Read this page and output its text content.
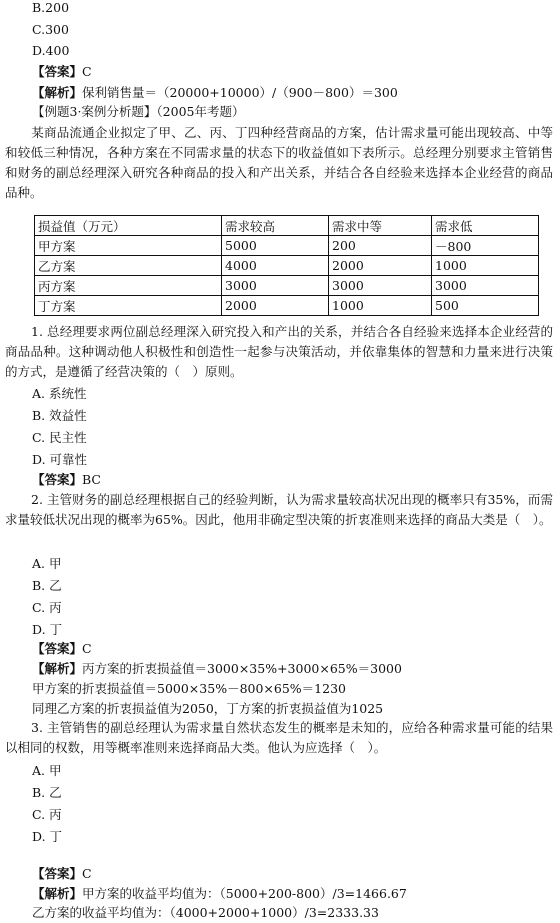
B.200
C.300
D.400
【答案】C
【解析】保利销售量＝（20000+10000）/（900－800）＝300
【例题3·案例分析题】（2005年考题）
某商品流通企业拟定了甲、乙、丙、丁四种经营商品的方案，估计需求量可能出现较高、中等和较低三种情况，各种方案在不同需求量的状态下的收益值如下表所示。总经理分别要求主管销售和财务的副总经理深入研究各种商品的投入和产出关系，并结合各自经验来选择本企业经营的商品品种。
损益值（万元）	需求较高	需求中等	需求低
甲方案	5000	200	－800
乙方案	4000	2000	1000
丙方案	3000	3000	3000
丁方案	2000	1000	500
1. 总经理要求两位副总经理深入研究投入和产出的关系，并结合各自经验来选择本企业经营的商品品种。这种调动他人积极性和创造性一起参与决策活动，并依靠集体的智慧和力量来进行决策的方式，是遵循了经营决策的（　）原则。
A. 系统性
B. 效益性
C. 民主性
D. 可靠性
【答案】BC
2. 主管财务的副总经理根据自己的经验判断，认为需求量较高状况出现的概率只有35%，而需求量较低状况出现的概率为65%。因此，他用非确定型决策的折衷准则来选择的商品大类是（　）。
A. 甲
B. 乙
C. 丙
D. 丁
【答案】C
【解析】丙方案的折衷损益值＝3000×35%+3000×65%＝3000
甲方案的折衷损益值＝5000×35%－800×65%＝1230
同理乙方案的折衷损益值为2050，丁方案的折衷损益值为1025
3. 主管销售的副总经理认为需求量自然状态发生的概率是未知的，应给各种需求量可能的结果以相同的权数，用等概率准则来选择商品大类。他认为应选择（　）。
A. 甲
B. 乙
C. 丙
D. 丁
【答案】C
【解析】甲方案的收益平均值为：（5000+200-800）/3=1466.67
乙方案的收益平均值为：（4000+2000+1000）/3=2333.33
